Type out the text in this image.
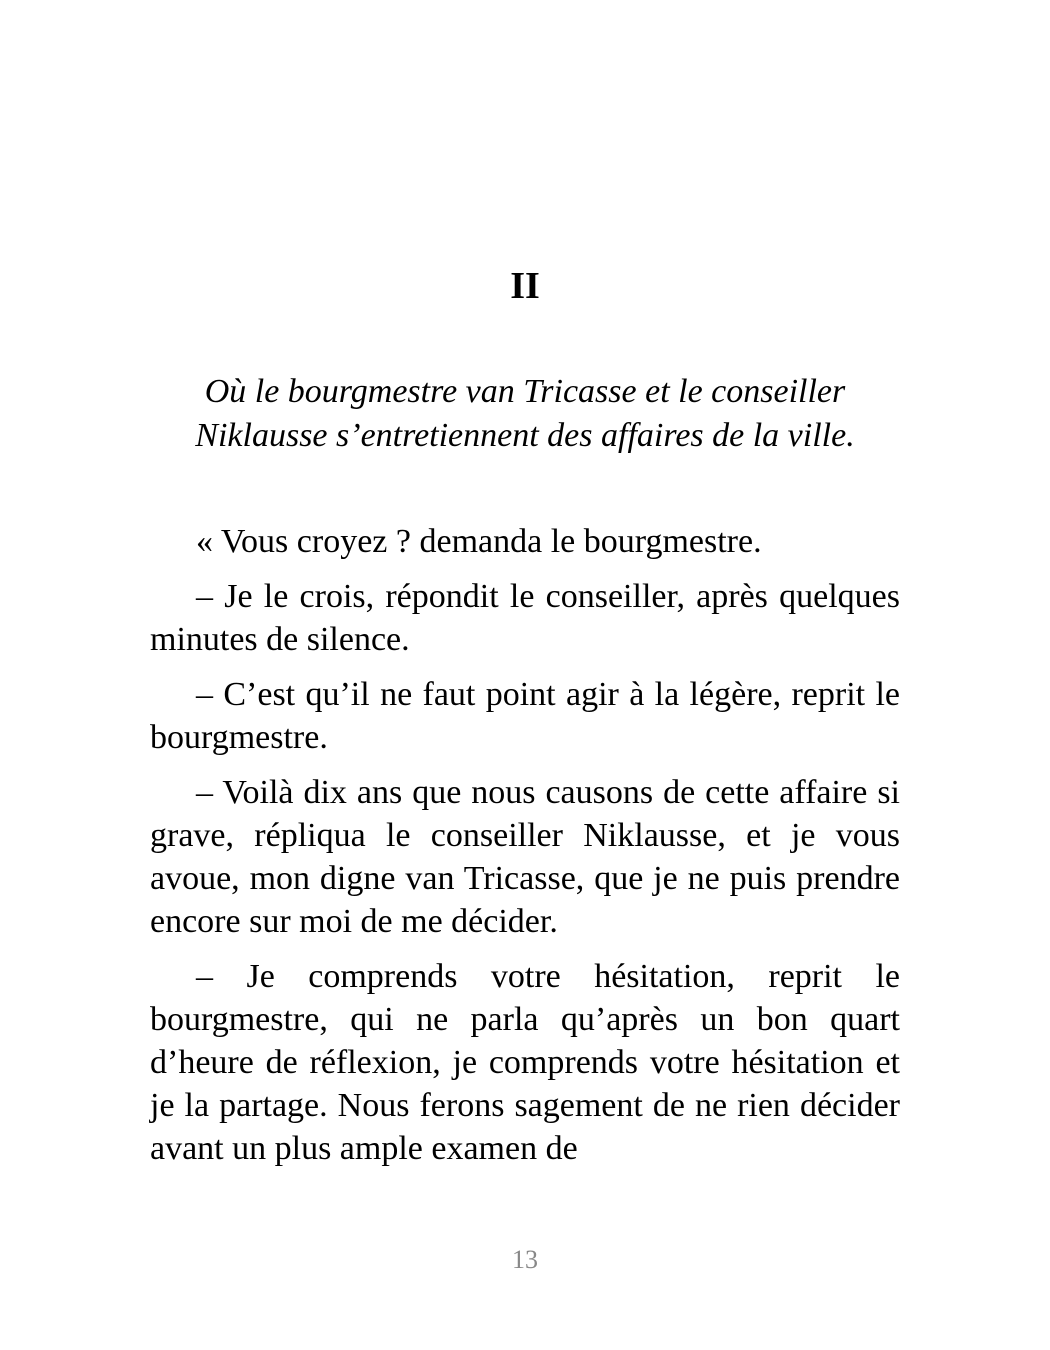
II
Où le bourgmestre van Tricasse et le conseiller
Niklausse s’entretiennent des affaires de la ville.

« Vous croyez ? demanda le bourgmestre.

– Je le crois, répondit le conseiller, après quelques minutes de silence.

– C’est qu’il ne faut point agir à la légère, reprit le bourgmestre.

– Voilà dix ans que nous causons de cette affaire si grave, répliqua le conseiller Niklausse, et je vous avoue, mon digne van Tricasse, que je ne puis prendre encore sur moi de me décider.

– Je comprends votre hésitation, reprit le bourgmestre, qui ne parla qu’après un bon quart d’heure de réflexion, je comprends votre hésitation et je la partage. Nous ferons sagement de ne rien décider avant un plus ample examen de

13
